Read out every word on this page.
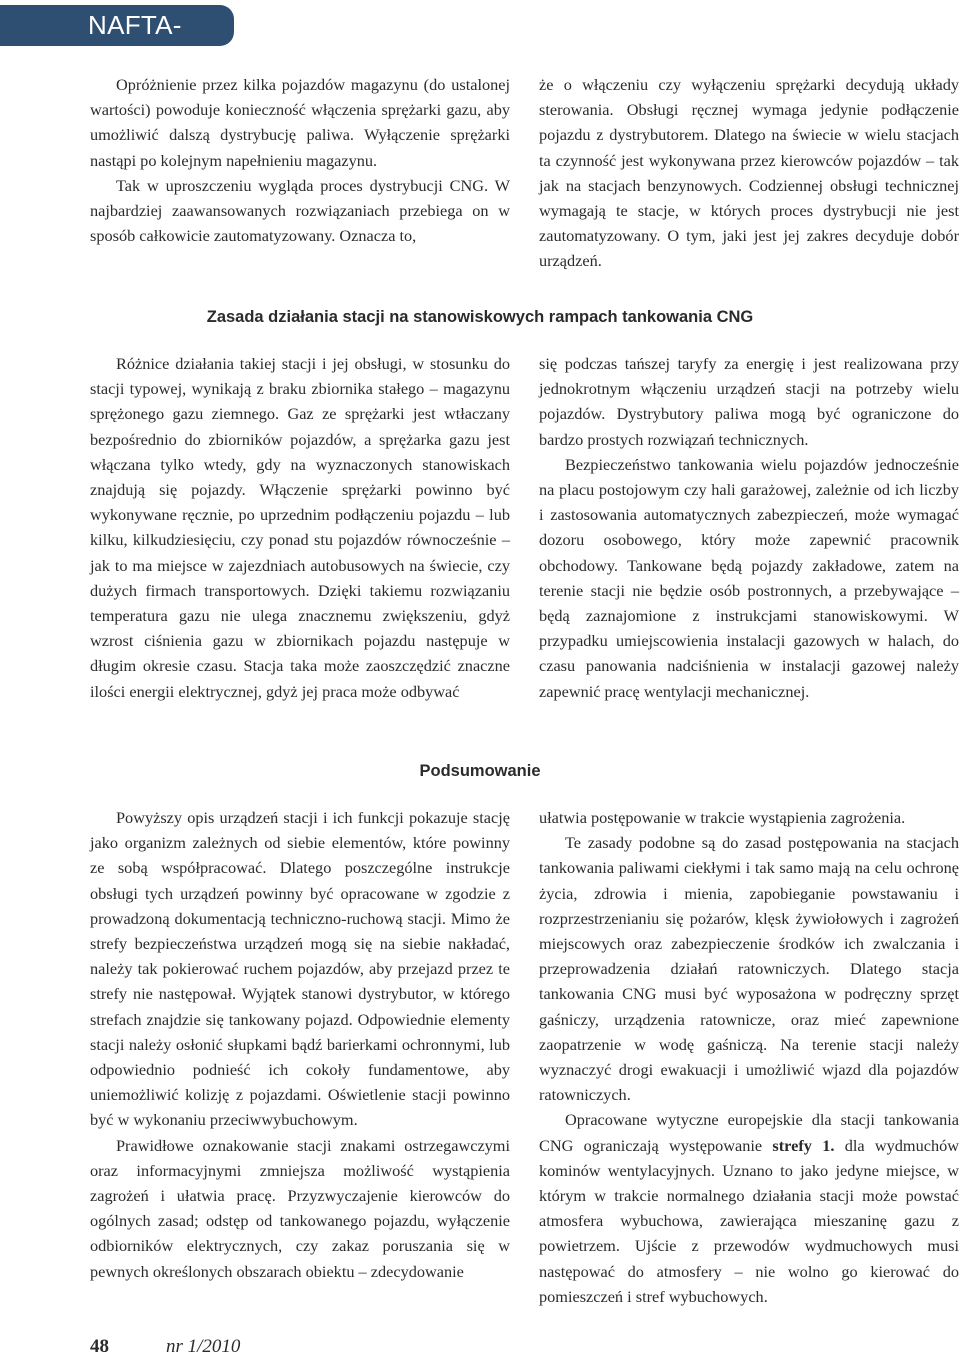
NAFTA-GAZ

Opróżnienie przez kilka pojazdów magazynu (do ustalonej wartości) powoduje konieczność włączenia sprężarki gazu, aby umożliwić dalszą dystrybucję paliwa. Wyłączenie sprężarki nastąpi po kolejnym napełnieniu magazynu.

Tak w uproszczeniu wygląda proces dystrybucji CNG. W najbardziej zaawansowanych rozwiązaniach przebiega on w sposób całkowicie zautomatyzowany. Oznacza to,

że o włączeniu czy wyłączeniu sprężarki decydują układy sterowania. Obsługi ręcznej wymaga jedynie podłączenie pojazdu z dystrybutorem. Dlatego na świecie w wielu stacjach ta czynność jest wykonywana przez kierowców pojazdów – tak jak na stacjach benzynowych. Codziennej obsługi technicznej wymagają te stacje, w których proces dystrybucji nie jest zautomatyzowany. O tym, jaki jest jej zakres decyduje dobór urządzeń.

Zasada działania stacji na stanowiskowych rampach tankowania CNG

Różnice działania takiej stacji i jej obsługi, w stosunku do stacji typowej, wynikają z braku zbiornika stałego – magazynu sprężonego gazu ziemnego. Gaz ze sprężarki jest wtłaczany bezpośrednio do zbiorników pojazdów, a sprężarka gazu jest włączana tylko wtedy, gdy na wyznaczonych stanowiskach znajdują się pojazdy. Włączenie sprężarki powinno być wykonywane ręcznie, po uprzednim podłączeniu pojazdu – lub kilku, kilkudziesięciu, czy ponad stu pojazdów równocześnie – jak to ma miejsce w zajezdniach autobusowych na świecie, czy dużych firmach transportowych. Dzięki takiemu rozwiązaniu temperatura gazu nie ulega znacznemu zwiększeniu, gdyż wzrost ciśnienia gazu w zbiornikach pojazdu następuje w długim okresie czasu. Stacja taka może zaoszczędzić znaczne ilości energii elektrycznej, gdyż jej praca może odbywać

się podczas tańszej taryfy za energię i jest realizowana przy jednokrotnym włączeniu urządzeń stacji na potrzeby wielu pojazdów. Dystrybutory paliwa mogą być ograniczone do bardzo prostych rozwiązań technicznych.

Bezpieczeństwo tankowania wielu pojazdów jednocześnie na placu postojowym czy hali garażowej, zależnie od ich liczby i zastosowania automatycznych zabezpieczeń, może wymagać dozoru osobowego, który może zapewnić pracownik obchodowy. Tankowane będą pojazdy zakładowe, zatem na terenie stacji nie będzie osób postronnych, a przebywające – będą zaznajomione z instrukcjami stanowiskowymi. W przypadku umiejscowienia instalacji gazowych w halach, do czasu panowania nadciśnienia w instalacji gazowej należy zapewnić pracę wentylacji mechanicznej.

Podsumowanie

Powyższy opis urządzeń stacji i ich funkcji pokazuje stację jako organizm zależnych od siebie elementów, które powinny ze sobą współpracować. Dlatego poszczególne instrukcje obsługi tych urządzeń powinny być opracowane w zgodzie z prowadzoną dokumentacją techniczno-ruchową stacji. Mimo że strefy bezpieczeństwa urządzeń mogą się na siebie nakładać, należy tak pokierować ruchem pojazdów, aby przejazd przez te strefy nie następował. Wyjątek stanowi dystrybutor, w którego strefach znajdzie się tankowany pojazd. Odpowiednie elementy stacji należy osłonić słupkami bądź barierkami ochronnymi, lub odpowiednio podnieść ich cokoły fundamentowe, aby uniemożliwić kolizję z pojazdami. Oświetlenie stacji powinno być w wykonaniu przeciwwybuchowym.

Prawidłowe oznakowanie stacji znakami ostrzegawczymi oraz informacyjnymi zmniejsza możliwość wystąpienia zagrożeń i ułatwia pracę. Przyzwyczajenie kierowców do ogólnych zasad; odstęp od tankowanego pojazdu, wyłączenie odbiorników elektrycznych, czy zakaz poruszania się w pewnych określonych obszarach obiektu – zdecydowanie

ułatwia postępowanie w trakcie wystąpienia zagrożenia.

Te zasady podobne są do zasad postępowania na stacjach tankowania paliwami ciekłymi i tak samo mają na celu ochronę życia, zdrowia i mienia, zapobieganie powstawaniu i rozprzestrzenianiu się pożarów, klęsk żywiołowych i zagrożeń miejscowych oraz zabezpieczenie środków ich zwalczania i przeprowadzenia działań ratowniczych. Dlatego stacja tankowania CNG musi być wyposażona w podręczny sprzęt gaśniczy, urządzenia ratownicze, oraz mieć zapewnione zaopatrzenie w wodę gaśniczą. Na terenie stacji należy wyznaczyć drogi ewakuacji i umożliwić wjazd dla pojazdów ratowniczych.

Opracowane wytyczne europejskie dla stacji tankowania CNG ograniczają występowanie strefy 1. dla wydmuchów kominów wentylacyjnych. Uznano to jako jedyne miejsce, w którym w trakcie normalnego działania stacji może powstać atmosfera wybuchowa, zawierająca mieszaninę gazu z powietrzem. Ujście z przewodów wydmuchowych musi następować do atmosfery – nie wolno go kierować do pomieszczeń i stref wybuchowych.

48	nr 1/2010
